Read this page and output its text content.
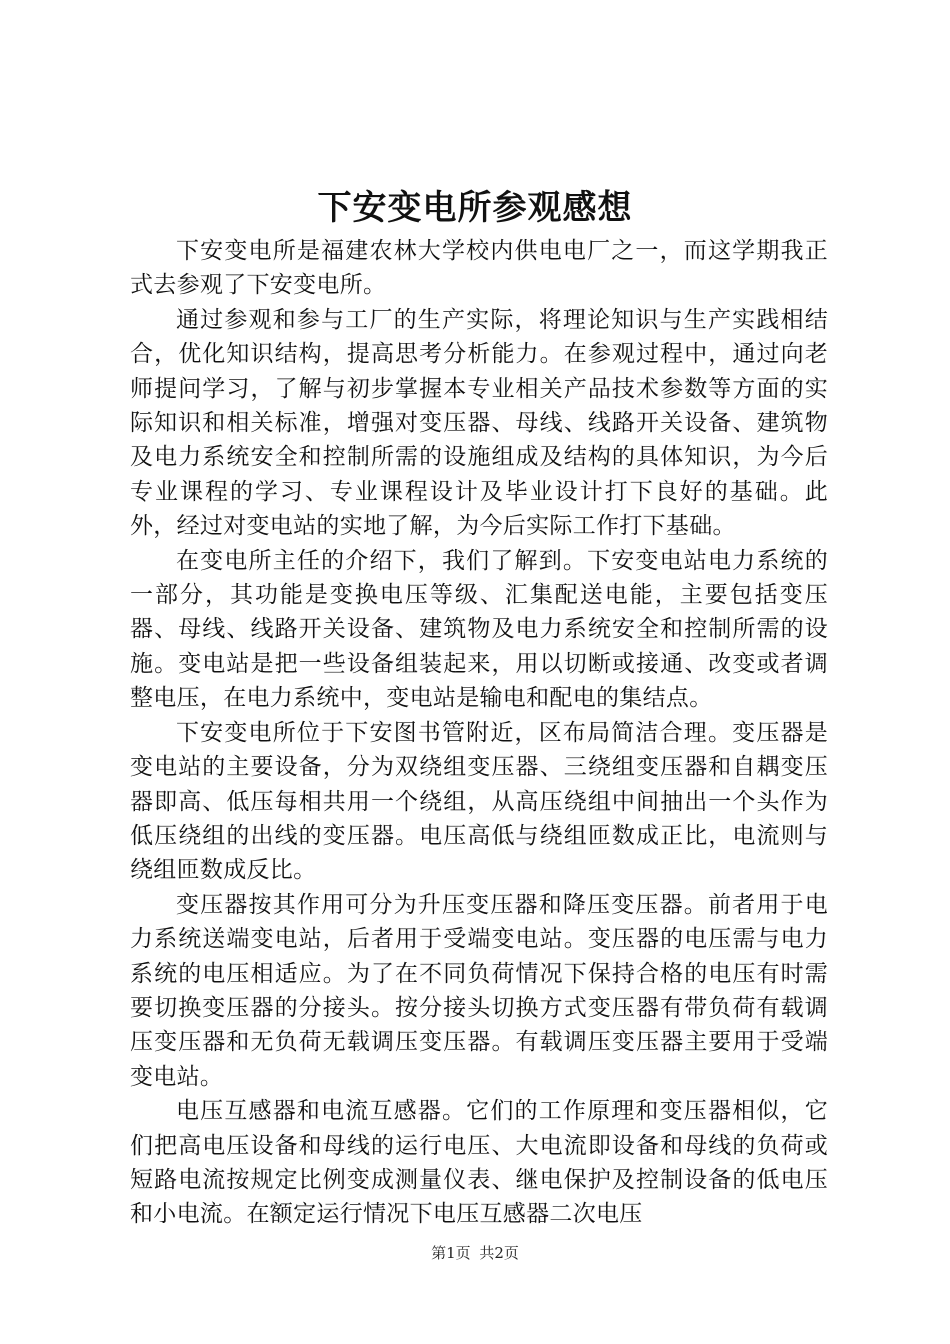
下安变电所参观感想

下安变电所是福建农林大学校内供电电厂之一，而这学期我正式去参观了下安变电所。

通过参观和参与工厂的生产实际，将理论知识与生产实践相结合，优化知识结构，提高思考分析能力。在参观过程中，通过向老师提问学习，了解与初步掌握本专业相关产品技术参数等方面的实际知识和相关标准，增强对变压器、母线、线路开关设备、建筑物及电力系统安全和控制所需的设施组成及结构的具体知识，为今后专业课程的学习、专业课程设计及毕业设计打下良好的基础。此外，经过对变电站的实地了解，为今后实际工作打下基础。

在变电所主任的介绍下，我们了解到。下安变电站电力系统的一部分，其功能是变换电压等级、汇集配送电能，主要包括变压器、母线、线路开关设备、建筑物及电力系统安全和控制所需的设施。变电站是把一些设备组装起来，用以切断或接通、改变或者调整电压，在电力系统中，变电站是输电和配电的集结点。

下安变电所位于下安图书管附近，区布局简洁合理。变压器是变电站的主要设备，分为双绕组变压器、三绕组变压器和自耦变压器即高、低压每相共用一个绕组，从高压绕组中间抽出一个头作为低压绕组的出线的变压器。电压高低与绕组匝数成正比，电流则与绕组匝数成反比。

变压器按其作用可分为升压变压器和降压变压器。前者用于电力系统送端变电站，后者用于受端变电站。变压器的电压需与电力系统的电压相适应。为了在不同负荷情况下保持合格的电压有时需要切换变压器的分接头。按分接头切换方式变压器有带负荷有载调压变压器和无负荷无载调压变压器。有载调压变压器主要用于受端变电站。

电压互感器和电流互感器。它们的工作原理和变压器相似，它们把高电压设备和母线的运行电压、大电流即设备和母线的负荷或短路电流按规定比例变成测量仪表、继电保护及控制设备的低电压和小电流。在额定运行情况下电压互感器二次电压

第1页 共2页
